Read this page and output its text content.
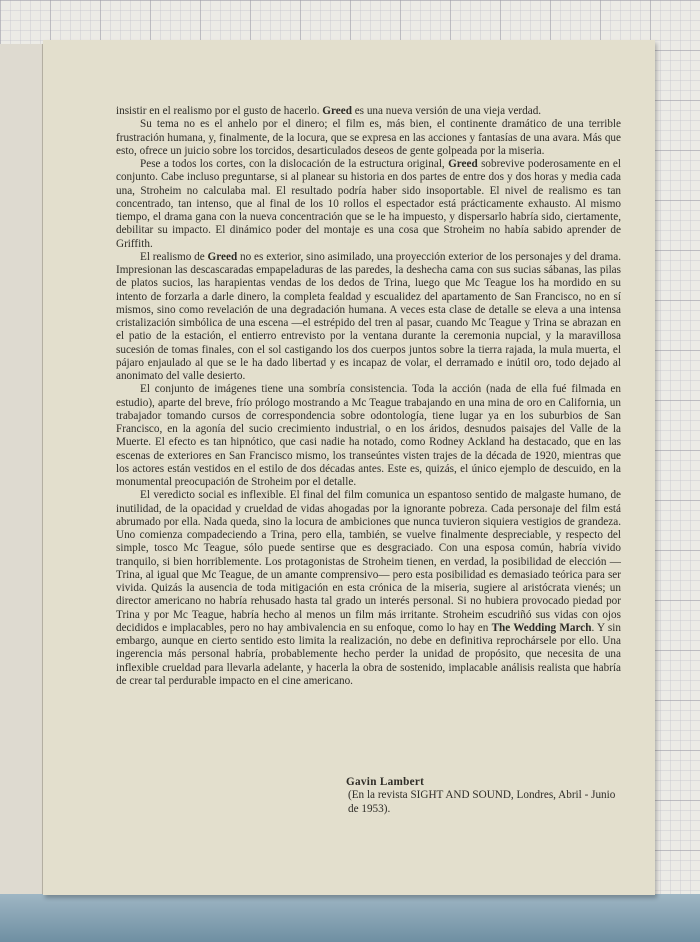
insistir en el realismo por el gusto de hacerlo. Greed es una nueva versión de una vieja verdad.

Su tema no es el anhelo por el dinero; el film es, más bien, el continente dramático de una terrible frustración humana, y, finalmente, de la locura, que se expresa en las acciones y fantasías de una avara. Más que esto, ofrece un juicio sobre los torcidos, desarticulados deseos de gente golpeada por la miseria.

Pese a todos los cortes, con la dislocación de la estructura original, Greed sobrevive poderosamente en el conjunto. Cabe incluso preguntarse, si al planear su historia en dos partes de entre dos y dos horas y media cada una, Stroheim no calculaba mal. El resultado podría haber sido insoportable. El nivel de realismo es tan concentrado, tan intenso, que al final de los 10 rollos el espectador está prácticamente exhausto. Al mismo tiempo, el drama gana con la nueva concentración que se le ha impuesto, y dispersarlo habría sido, ciertamente, debilitar su impacto. El dinámico poder del montaje es una cosa que Stroheim no había sabido aprender de Griffith.

El realismo de Greed no es exterior, sino asimilado, una proyección exterior de los personajes y del drama. Impresionan las descascaradas empapeladuras de las paredes, la deshecha cama con sus sucias sábanas, las pilas de platos sucios, las harapientas vendas de los dedos de Trina, luego que Mc Teague los ha mordido en su intento de forzarla a darle dinero, la completa fealdad y escualidez del apartamento de San Francisco, no en sí mismos, sino como revelación de una degradación humana. A veces esta clase de detalle se eleva a una intensa cristalización simbólica de una escena —el estrépido del tren al pasar, cuando Mc Teague y Trina se abrazan en el patio de la estación, el entierro entrevisto por la ventana durante la ceremonia nupcial, y la maravillosa sucesión de tomas finales, con el sol castigando los dos cuerpos juntos sobre la tierra rajada, la mula muerta, el pájaro enjaulado al que se le ha dado libertad y es incapaz de volar, el derramado e inútil oro, todo dejado al anonimato del valle desierto.

El conjunto de imágenes tiene una sombría consistencia. Toda la acción (nada de ella fué filmada en estudio), aparte del breve, frío prólogo mostrando a Mc Teague trabajando en una mina de oro en California, un trabajador tomando cursos de correspondencia sobre odontología, tiene lugar ya en los suburbios de San Francisco, en la agonía del sucio crecimiento industrial, o en los áridos, desnudos paisajes del Valle de la Muerte. El efecto es tan hipnótico, que casi nadie ha notado, como Rodney Ackland ha destacado, que en las escenas de exteriores en San Francisco mismo, los transeúntes visten trajes de la década de 1920, mientras que los actores están vestidos en el estilo de dos décadas antes. Este es, quizás, el único ejemplo de descuido, en la monumental preocupación de Stroheim por el detalle.

El veredicto social es inflexible. El final del film comunica un espantoso sentido de malgaste humano, de inutilidad, de la opacidad y crueldad de vidas ahogadas por la ignorante pobreza. Cada personaje del film está abrumado por ella. Nada queda, sino la locura de ambiciones que nunca tuvieron siquiera vestigios de grandeza. Uno comienza compadeciendo a Trina, pero ella, también, se vuelve finalmente despreciable, y respecto del simple, tosco Mc Teague, sólo puede sentirse que es desgraciado. Con una esposa común, habría vivido tranquilo, si bien horriblemente. Los protagonistas de Stroheim tienen, en verdad, la posibilidad de elección —Trina, al igual que Mc Teague, de un amante comprensivo— pero esta posibilidad es demasiado teórica para ser vivida. Quizás la ausencia de toda mitigación en esta crónica de la miseria, sugiere al aristócrata vienés; un director americano no habría rehusado hasta tal grado un interés personal. Si no hubiera provocado piedad por Trina y por Mc Teague, habría hecho al menos un film más irritante. Stroheim escudriñó sus vidas con ojos decididos e implacables, pero no hay ambivalencia en su enfoque, como lo hay en The Wedding March. Y sin embargo, aunque en cierto sentido esto limita la realización, no debe en definitiva reprochársele por ello. Una ingerencia más personal habría, probablemente hecho perder la unidad de propósito, que necesita de una inflexible crueldad para llevarla adelante, y hacerla la obra de sostenido, implacable análisis realista que habría de crear tal perdurable impacto en el cine americano.

Gavin Lambert
(En la revista SIGHT AND SOUND, Londres, Abril - Junio de 1953).
